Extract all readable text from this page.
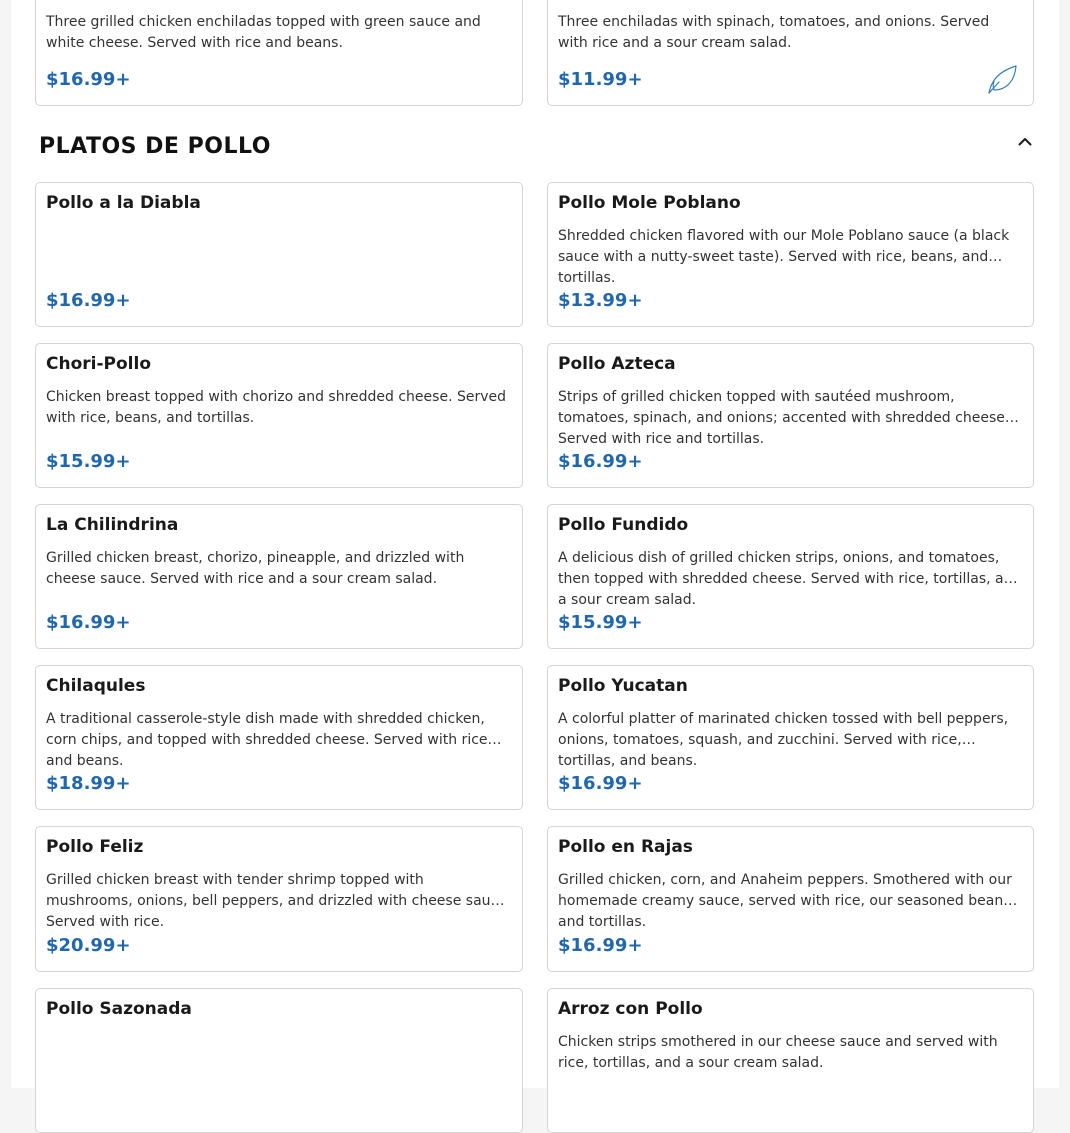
Three grilled chicken enchiladas topped with green sauce and white cheese. Served with rice and beans.
$16.99+
Three enchiladas with spinach, tomatoes, and onions. Served with rice and a sour cream salad.
$11.99+
PLATOS DE POLLO
Pollo a la Diabla
$16.99+
Pollo Mole Poblano
Shredded chicken flavored with our Mole Poblano sauce (a black sauce with a nutty-sweet taste). Served with rice, beans, and tortillas.
$13.99+
Chori-Pollo
Chicken breast topped with chorizo and shredded cheese. Served with rice, beans, and tortillas.
$15.99+
Pollo Azteca
Strips of grilled chicken topped with sautéed mushroom, tomatoes, spinach, and onions; accented with shredded cheese. Served with rice and tortillas.
$16.99+
La Chilindrina
Grilled chicken breast, chorizo, pineapple, and drizzled with cheese sauce. Served with rice and a sour cream salad.
$16.99+
Pollo Fundido
A delicious dish of grilled chicken strips, onions, and tomatoes, then topped with shredded cheese. Served with rice, tortillas, and a sour cream salad.
$15.99+
Chilaqules
A traditional casserole-style dish made with shredded chicken, corn chips, and topped with shredded cheese. Served with rice and beans.
$18.99+
Pollo Yucatan
A colorful platter of marinated chicken tossed with bell peppers, onions, tomatoes, squash, and zucchini. Served with rice, tortillas, and beans.
$16.99+
Pollo Feliz
Grilled chicken breast with tender shrimp topped with mushrooms, onions, bell peppers, and drizzled with cheese sauce. Served with rice.
$20.99+
Pollo en Rajas
Grilled chicken, corn, and Anaheim peppers. Smothered with our homemade creamy sauce, served with rice, our seasoned beans, and tortillas.
$16.99+
Pollo Sazonada	Arroz con Pollo
Chicken strips smothered in our cheese sauce and served with rice, tortillas, and a sour cream salad.
